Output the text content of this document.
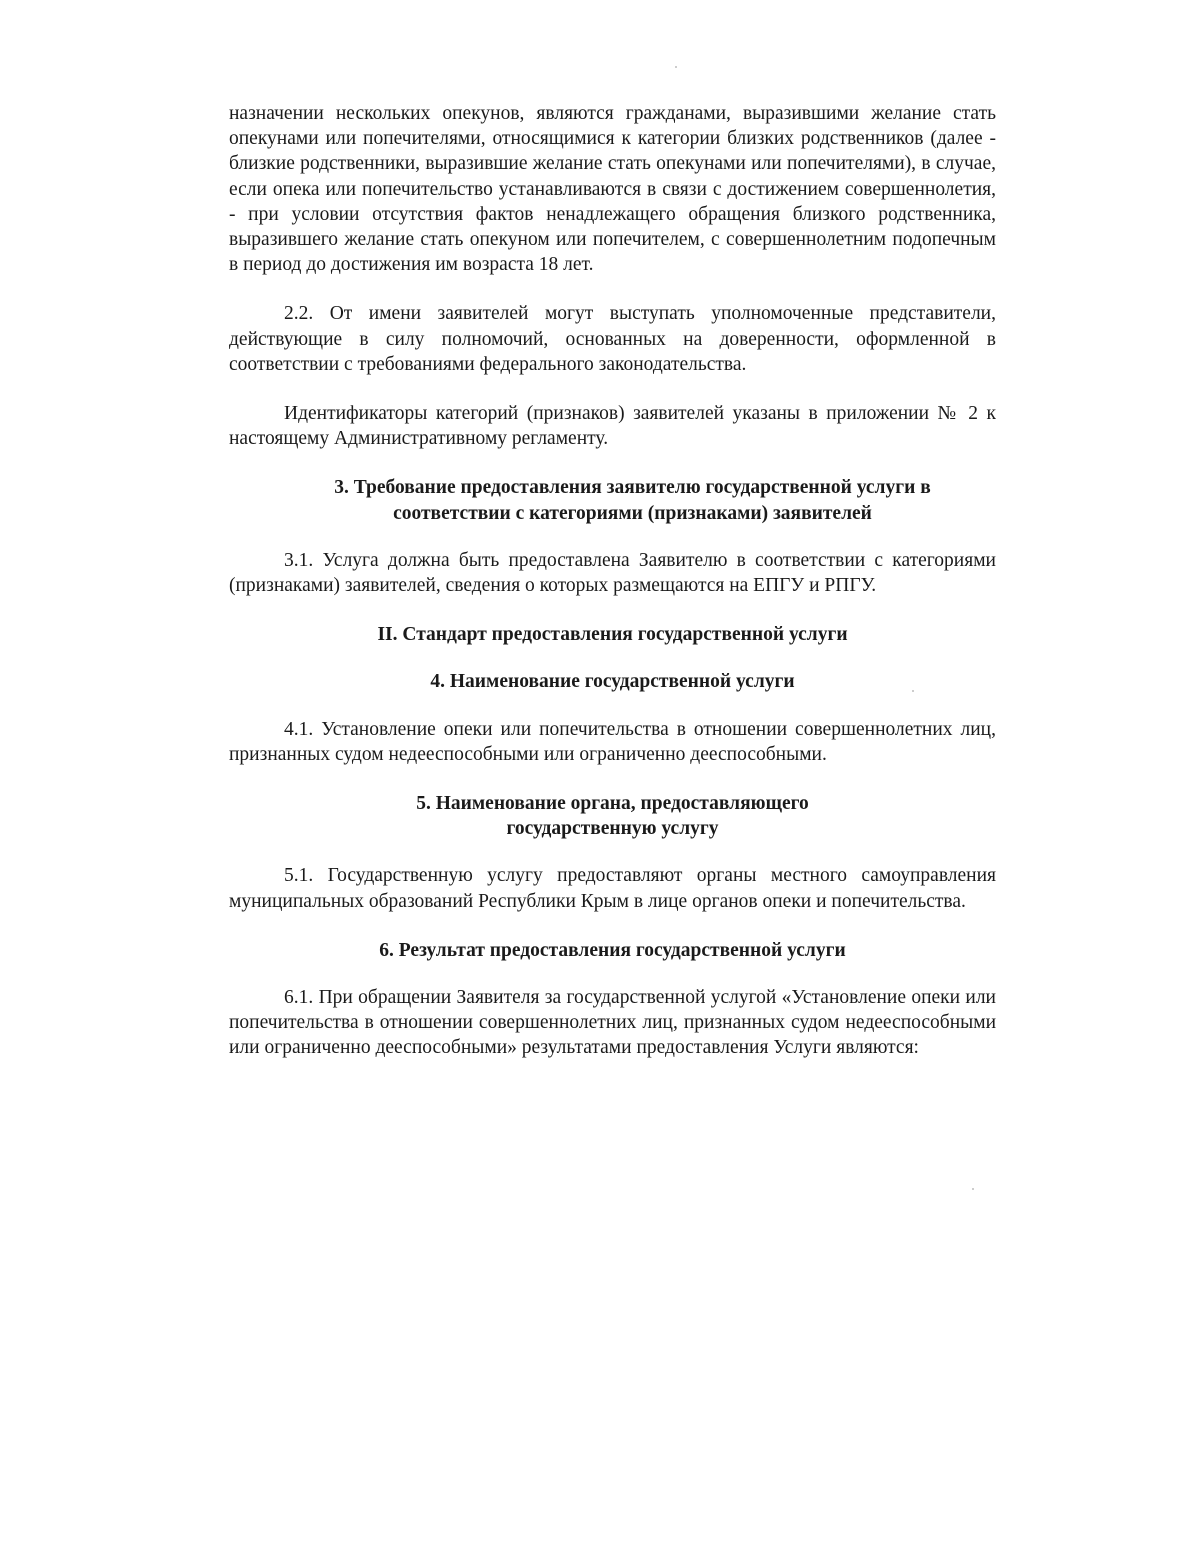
назначении нескольких опекунов, являются гражданами, выразившими желание стать опекунами или попечителями, относящимися к категории близких родственников (далее - близкие родственники, выразившие желание стать опекунами или попечителями), в случае, если опека или попечительство устанавливаются в связи с достижением совершеннолетия, - при условии отсутствия фактов ненадлежащего обращения близкого родственника, выразившего желание стать опекуном или попечителем, с совершеннолетним подопечным в период до достижения им возраста 18 лет.

2.2. От имени заявителей могут выступать уполномоченные представители, действующие в силу полномочий, основанных на доверенности, оформленной в соответствии с требованиями федерального законодательства.

Идентификаторы категорий (признаков) заявителей указаны в приложении № 2 к настоящему Административному регламенту.

3. Требование предоставления заявителю государственной услуги в
соответствии с категориями (признаками) заявителей

3.1. Услуга должна быть предоставлена Заявителю в соответствии с категориями (признаками) заявителей, сведения о которых размещаются на ЕПГУ и РПГУ.

II. Стандарт предоставления государственной услуги
4. Наименование государственной услуги

4.1. Установление опеки или попечительства в отношении совершеннолетних лиц, признанных судом недееспособными или ограниченно дееспособными.

5. Наименование органа, предоставляющего
государственную услугу

5.1. Государственную услугу предоставляют органы местного самоуправления муниципальных образований Республики Крым в лице органов опеки и попечительства.

6. Результат предоставления государственной услуги

6.1. При обращении Заявителя за государственной услугой «Установление опеки или попечительства в отношении совершеннолетних лиц, признанных судом недееспособными или ограниченно дееспособными» результатами предоставления Услуги являются:
